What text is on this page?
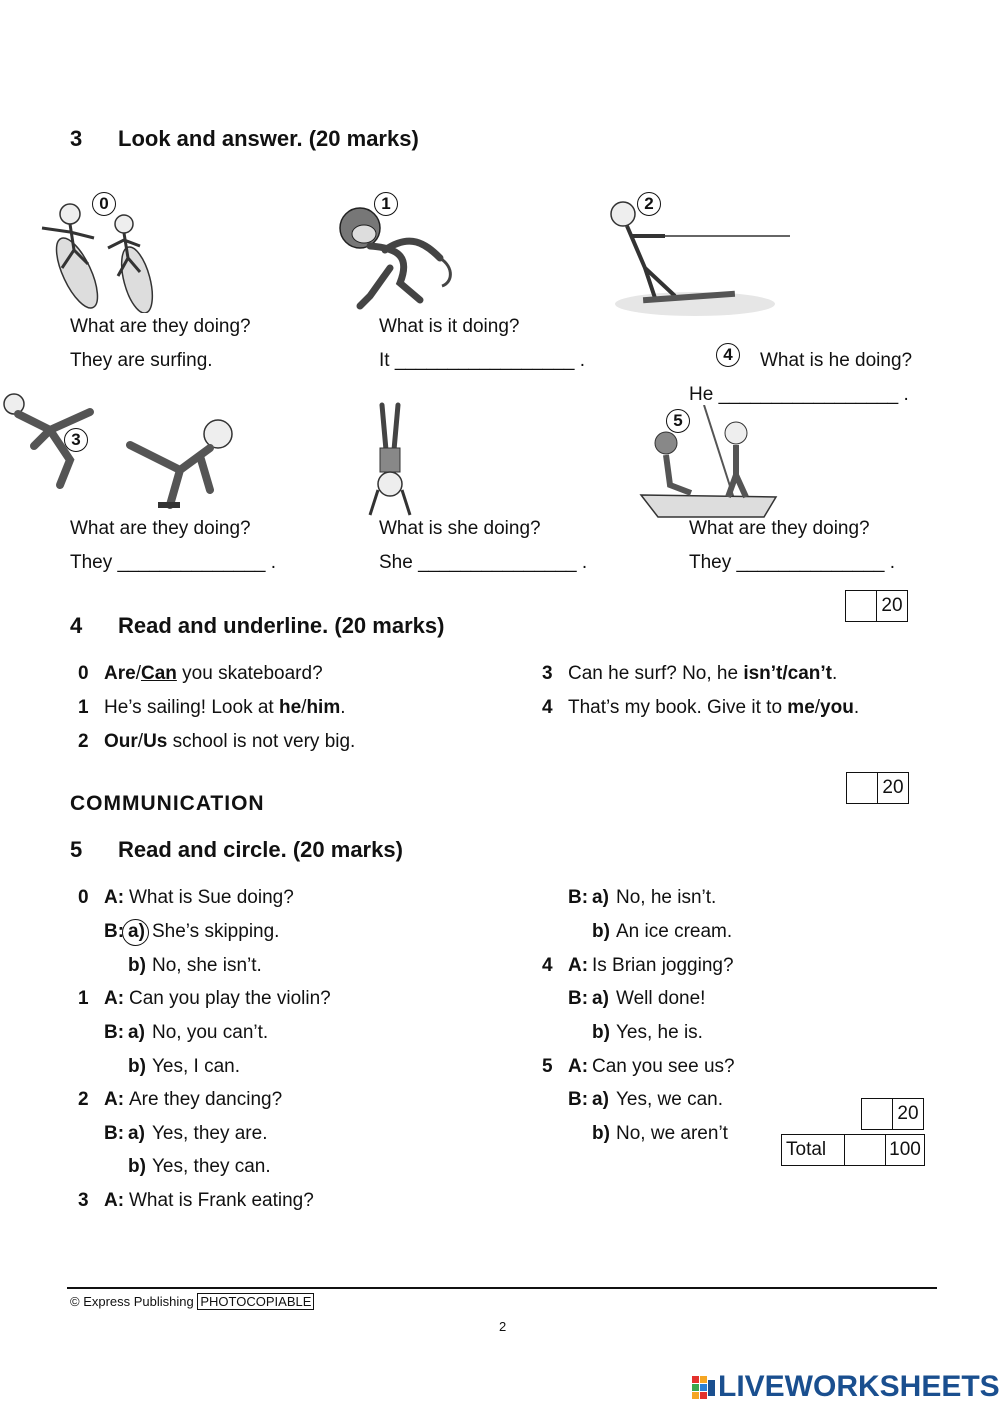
3 Look and answer. (20 marks)
0	1	2
What are they doing?
They are surfing.
What is it doing?
It _________________ .	4	What is he doing?
He _________________ .
3
5
What are they doing?
They ______________ .
What is she doing?
She _______________ .
What are they doing?
They ______________ .
20
4 Read and underline. (20 marks)
0 Are/Can you skateboard?
1 He’s sailing! Look at he/him.
2 Our/Us school is not very big.
3 Can he surf? No, he isn’t/can’t.
4 That’s my book. Give it to me/you.
20
COMMUNICATION
5 Read and circle. (20 marks)
0 A: What is Sue doing?
B: a) She’s skipping.
b) No, she isn’t.
1 A: Can you play the violin?
B: a) No, you can’t.
b) Yes, I can.
2 A: Are they dancing?
B: a) Yes, they are.
b) Yes, they can.
3 A: What is Frank eating?
B: a) No, he isn’t.
b) An ice cream.
4 A: Is Brian jogging?
B: a) Well done!
b) Yes, he is.
5 A: Can you see us?
B: a) Yes, we can.
b) No, we aren’t
20
Total	100
© Express Publishing PHOTOCOPIABLE
2
LIVEWORKSHEETS
